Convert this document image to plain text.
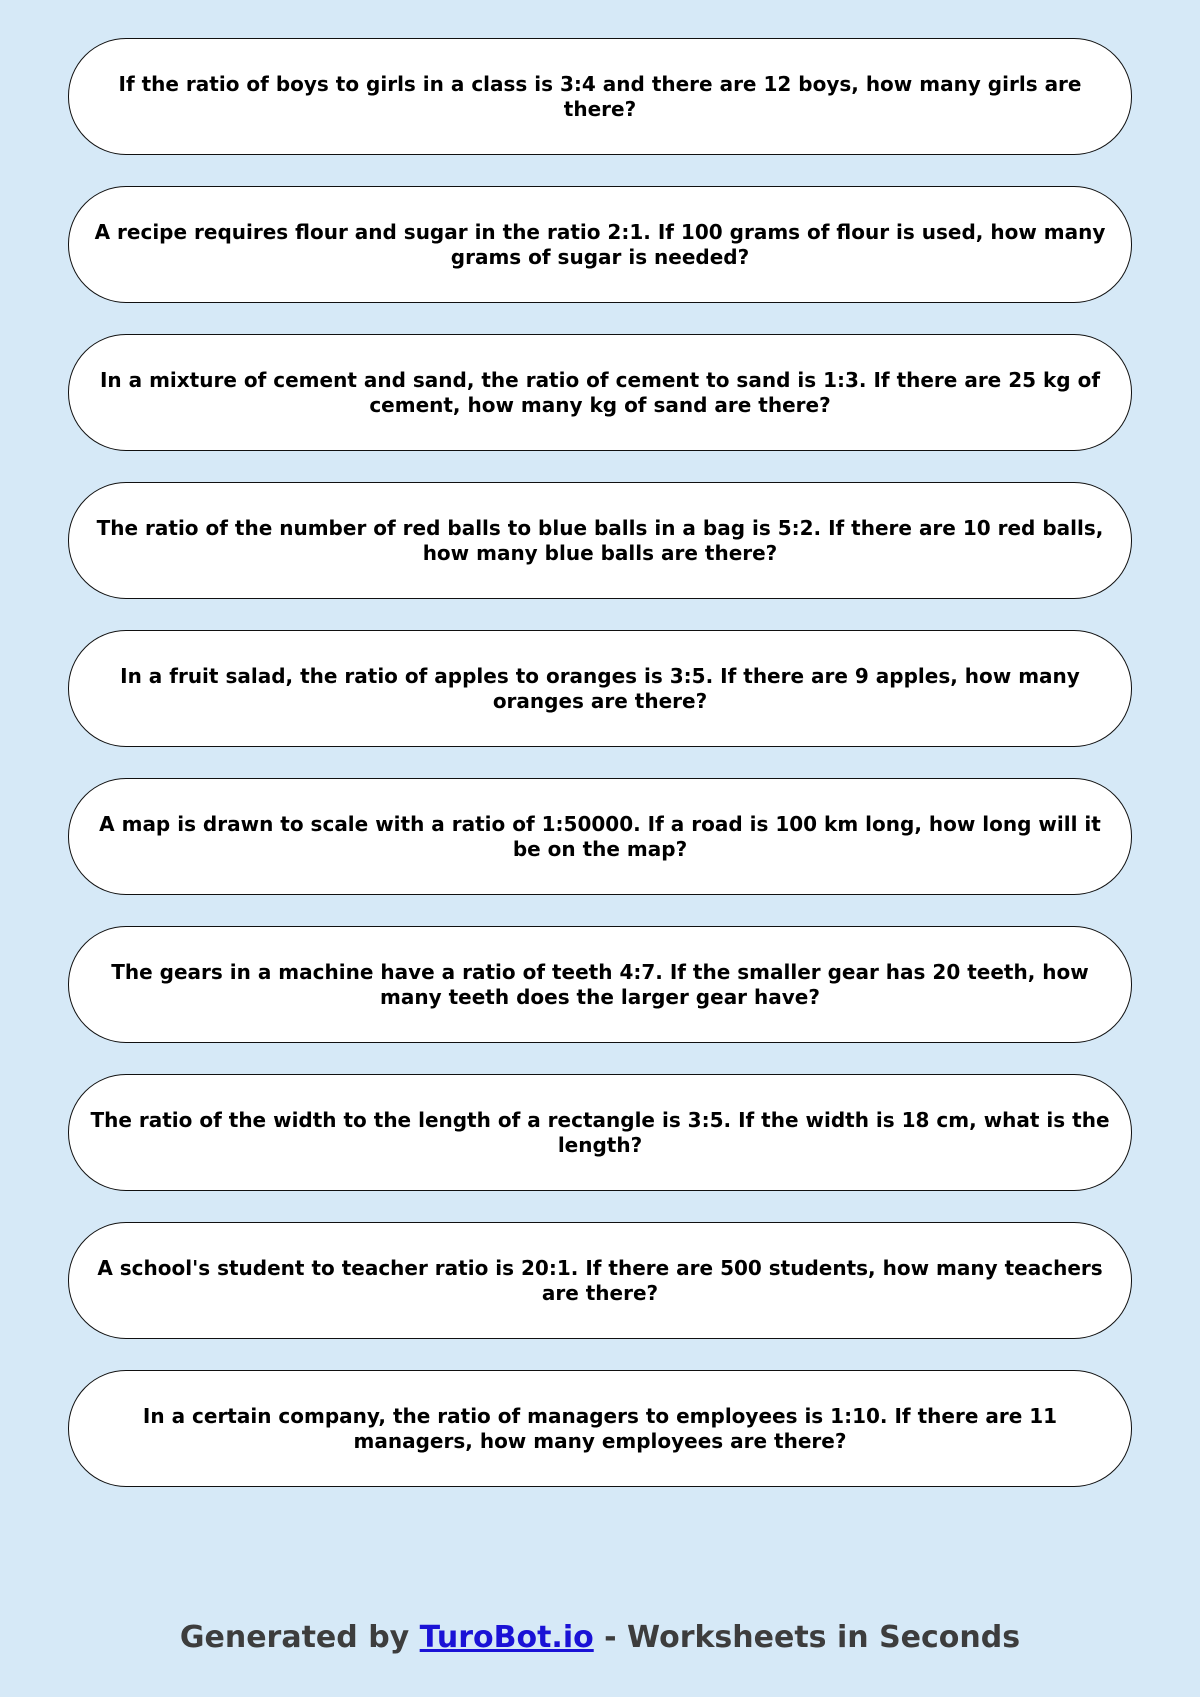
If the ratio of boys to girls in a class is 3:4 and there are 12 boys, how many girls are there?
A recipe requires flour and sugar in the ratio 2:1. If 100 grams of flour is used, how many grams of sugar is needed?
In a mixture of cement and sand, the ratio of cement to sand is 1:3. If there are 25 kg of cement, how many kg of sand are there?
The ratio of the number of red balls to blue balls in a bag is 5:2. If there are 10 red balls, how many blue balls are there?
In a fruit salad, the ratio of apples to oranges is 3:5. If there are 9 apples, how many oranges are there?
A map is drawn to scale with a ratio of 1:50000. If a road is 100 km long, how long will it be on the map?
The gears in a machine have a ratio of teeth 4:7. If the smaller gear has 20 teeth, how many teeth does the larger gear have?
The ratio of the width to the length of a rectangle is 3:5. If the width is 18 cm, what is the length?
A school's student to teacher ratio is 20:1. If there are 500 students, how many teachers are there?
In a certain company, the ratio of managers to employees is 1:10. If there are 11 managers, how many employees are there?
Generated by TuroBot.io - Worksheets in Seconds
